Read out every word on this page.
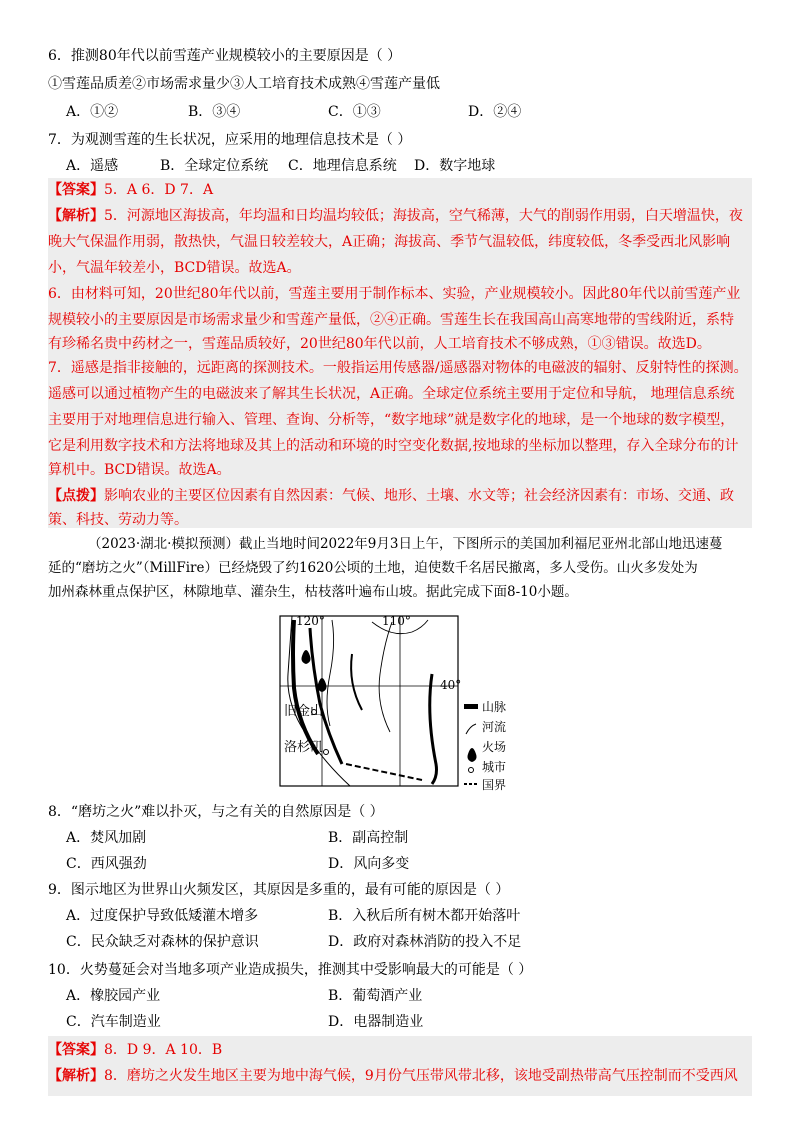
6．推测80年代以前雪莲产业规模较小的主要原因是（ ）
①雪莲品质差②市场需求量少③人工培育技术成熟④雪莲产量低
A．①②	B．③④	C．①③	D．②④
7．为观测雪莲的生长状况，应采用的地理信息技术是（ ）
A．遥感	B．全球定位系统 C．地理信息系统 D．数字地球
【答案】5．A 6．D 7．A
【解析】5．河源地区海拔高，年均温和日均温均较低；海拔高，空气稀薄，大气的削弱作用弱，白天增温快，夜
晚大气保温作用弱，散热快，气温日较差较大，A正确；海拔高、季节气温较低，纬度较低，冬季受西北风影响
小，气温年较差小，BCD错误。故选A。
6．由材料可知，20世纪80年代以前，雪莲主要用于制作标本、实验，产业规模较小。因此80年代以前雪莲产业
规模较小的主要原因是市场需求量少和雪莲产量低，②④正确。雪莲生长在我国高山高寒地带的雪线附近，系特
有珍稀名贵中药材之一，雪莲品质较好，20世纪80年代以前，人工培育技术不够成熟，①③错误。故选D。
7．遥感是指非接触的，远距离的探测技术。一般指运用传感器/遥感器对物体的电磁波的辐射、反射特性的探测。
遥感可以通过植物产生的电磁波来了解其生长状况，A正确。全球定位系统主要用于定位和导航， 地理信息系统
主要用于对地理信息进行输入、管理、查询、分析等，“数字地球”就是数字化的地球，是一个地球的数字模型，
它是利用数字技术和方法将地球及其上的活动和环境的时空变化数据,按地球的坐标加以整理，存入全球分布的计
算机中。BCD错误。故选A。
【点拨】影响农业的主要区位因素有自然因素：气候、地形、土壤、水文等；社会经济因素有：市场、交通、政
策、科技、劳动力等。
（2023·湖北·模拟预测）截止当地时间2022年9月3日上午，下图所示的美国加利福尼亚州北部山地迅速蔓
延的“磨坊之火”（MillFire）已经烧毁了约1620公顷的土地，迫使数千名居民撤离，多人受伤。山火多发处为
加州森林重点保护区，林隙地草、灌杂生，枯枝落叶遍布山坡。据此完成下面8-10小题。
120°	110°
40°
旧金山
洛杉矶
山脉
河流
火场
城市
国界
8．“磨坊之火”难以扑灭，与之有关的自然原因是（ ）
A．焚风加剧	B．副高控制
C．西风强劲	D．风向多变
9．图示地区为世界山火频发区，其原因是多重的，最有可能的原因是（ ）
A．过度保护导致低矮灌木增多	B．入秋后所有树木都开始落叶
C．民众缺乏对森林的保护意识	D．政府对森林消防的投入不足
10．火势蔓延会对当地多项产业造成损失，推测其中受影响最大的可能是（ ）
A．橡胶园产业	B．葡萄酒产业
C．汽车制造业	D．电器制造业
【答案】8．D 9．A 10．B
【解析】8．磨坊之火发生地区主要为地中海气候，9月份气压带风带北移，该地受副热带高气压控制而不受西风
